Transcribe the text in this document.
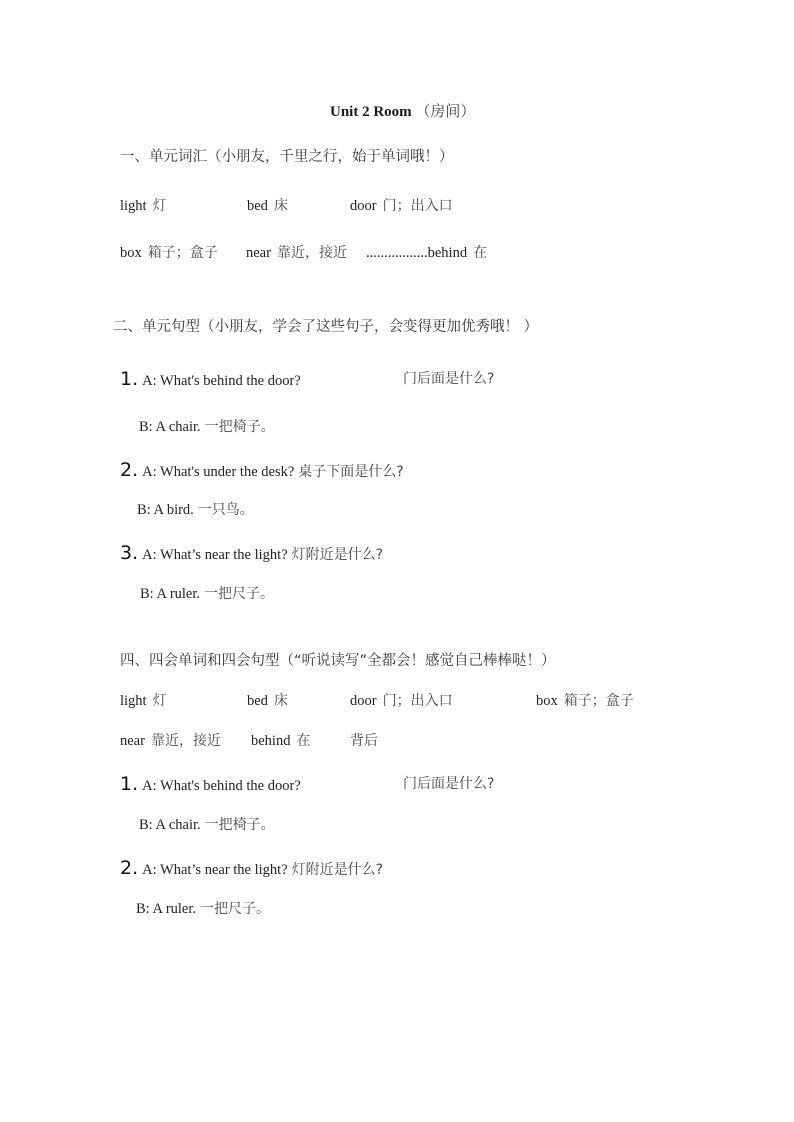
Unit 2 Room （房间）
一、单元词汇（小朋友，千里之行，始于单词哦！）
light 灯	bed 床	door 门；出入口
box 箱子；盒子 near 靠近，接近 .................behind 在
二、单元句型（小朋友，学会了这些句子，会变得更加优秀哦！ ）
1. A: What's behind the door?	门后面是什么?
B: A chair. 一把椅子。
2. A: What's under the desk? 桌子下面是什么?
B: A bird. 一只鸟。
3. A: What’s near the light? 灯附近是什么?
B: A ruler. 一把尺子。
四、四会单词和四会句型（“听说读写”全都会！感觉自己棒棒哒！）
light 灯	bed 床	door 门；出入口	box 箱子；盒子
near 靠近，接近 behind 在	背后
1. A: What's behind the door?	门后面是什么?
B: A chair. 一把椅子。
2. A: What’s near the light? 灯附近是什么?
B: A ruler. 一把尺子。
